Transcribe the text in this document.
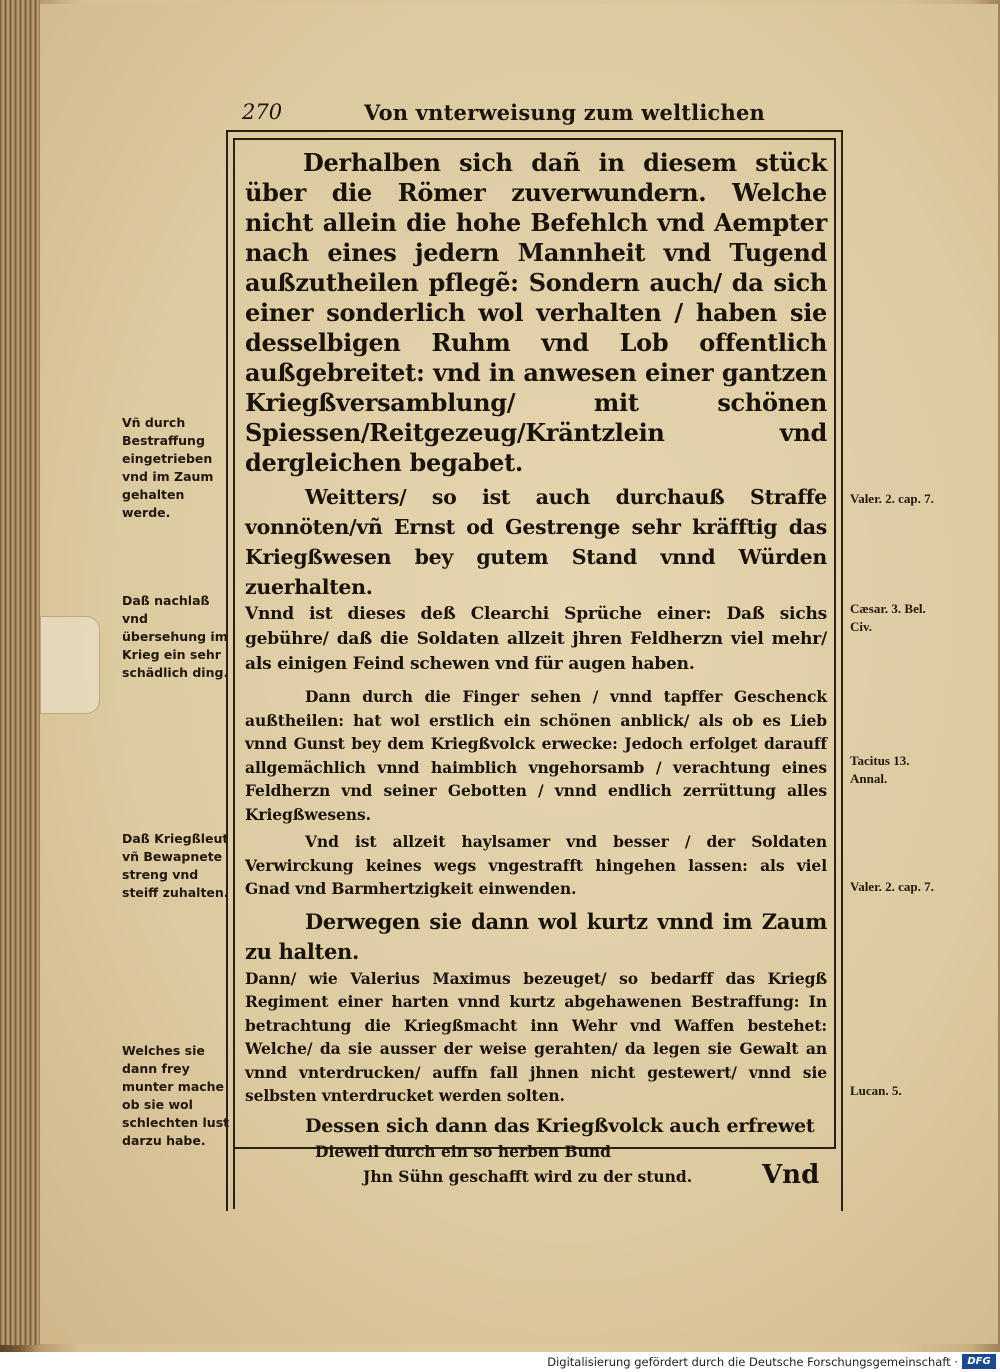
270	Von vnterweisung zum weltlichen

Derhalben sich dañ in diesem stück über die Römer zuverwundern. Welche nicht allein die hohe Befehlch vnd Aempter nach eines jedern Mannheit vnd Tugend außzutheilen pflegẽ: Sondern auch/ da sich einer sonderlich wol verhalten / haben sie desselbigen Ruhm vnd Lob offentlich außgebreitet: vnd in anwesen einer gantzen Kriegßversamblung/ mit schönen Spiessen/Reitgezeug/Kräntzlein vnd dergleichen begabet.

Weitters/ so ist auch durchauß Straffe vonnöten/vñ Ernst od Gestrenge sehr kräfftig das Kriegßwesen bey gutem Stand vnnd Würden zuerhalten.

Vnnd ist dieses deß Clearchi Sprüche einer: Daß sichs gebühre/ daß die Soldaten allzeit jhren Feldherzn viel mehr/ als einigen Feind schewen vnd für augen haben.

Dann durch die Finger sehen / vnnd tapffer Geschenck außtheilen: hat wol erstlich ein schönen anblick/ als ob es Lieb vnnd Gunst bey dem Kriegßvolck erwecke: Jedoch erfolget darauff allgemächlich vnnd haimblich vngehorsamb / verachtung eines Feldherzn vnd seiner Gebotten / vnnd endlich zerrüttung alles Kriegßwesens.

Vnd ist allzeit haylsamer vnd besser / der Soldaten Verwirckung keines wegs vngestrafft hingehen lassen: als viel Gnad vnd Barmhertzigkeit einwenden.

Derwegen sie dann wol kurtz vnnd im Zaum zu halten.

Dann/ wie Valerius Maximus bezeuget/ so bedarff das Kriegß Regiment einer harten vnnd kurtz abgehawenen Bestraffung: In betrachtung die Kriegßmacht inn Wehr vnd Waffen bestehet: Welche/ da sie ausser der weise gerahten/ da legen sie Gewalt an vnnd vnterdrucken/ auffn fall jhnen nicht gestewert/ vnnd sie selbsten vnterdrucket werden solten.

Dessen sich dann das Kriegßvolck auch erfrewet

Dieweil durch ein so herben Bund
Jhn Sühn geschafft wird zu der stund.	Vnd
Vñ durch Bestraffung eingetrieben vnd im Zaum gehalten werde.
Daß nachlaß vnd übersehung im Krieg ein sehr schädlich ding.
Daß Kriegßleut vñ Bewapnete streng vnd steiff zuhalten.
Welches sie dann frey munter mache ob sie wol schlechten lust darzu habe.
Valer. 2. cap. 7.
Cæsar. 3. Bel. Civ.
Tacitus 13. Annal.
Valer. 2. cap. 7.
Lucan. 5.
Digitalisierung gefördert durch die Deutsche Forschungsgemeinschaft · DFG
